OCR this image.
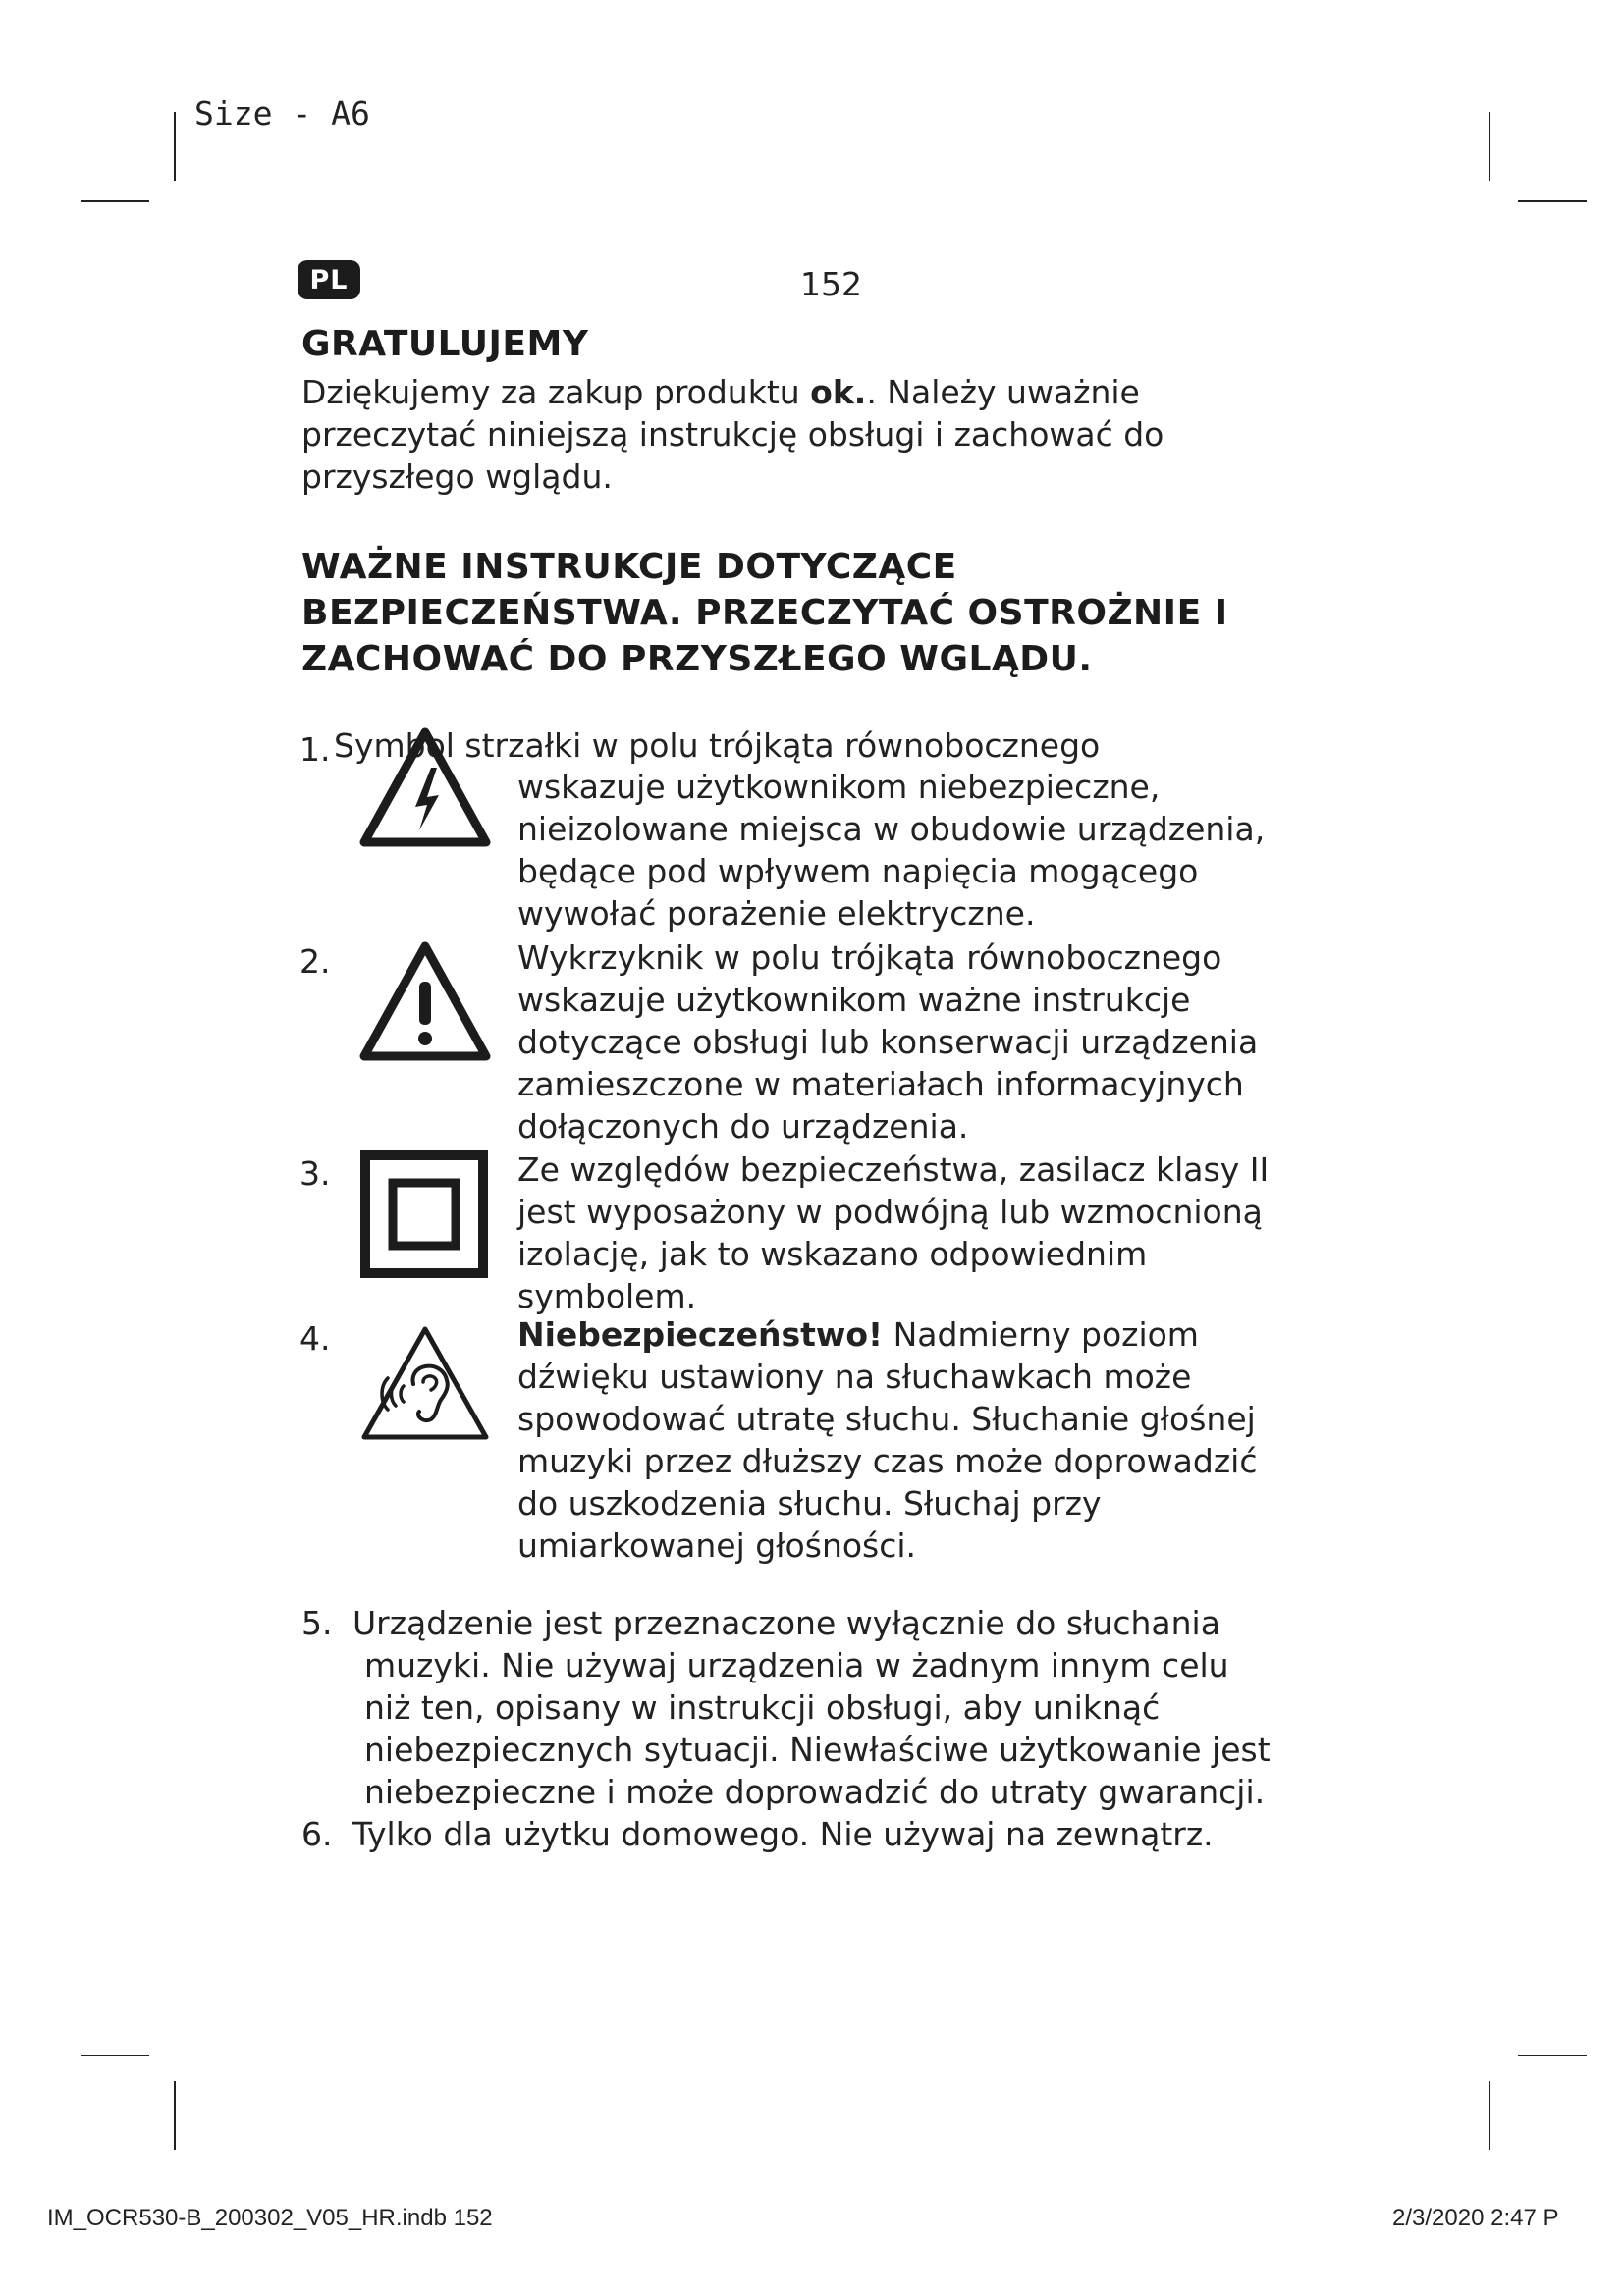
Size - A6
PL	152
GRATULUJEMY

Dziękujemy za zakup produktu ok.. Należy uważnie

przeczytać niniejszą instrukcję obsługi i zachować do

przyszłego wglądu.

WAŻNE INSTRUKCJE DOTYCZĄCE
BEZPIECZEŃSTWA. PRZECZYTAĆ OSTROŻNIE I
ZACHOWAĆ DO PRZYSZŁEGO WGLĄDU.
1. Symbol strzałki w polu trójkąta równobocznego
wskazuje użytkownikom niebezpieczne,
nieizolowane miejsca w obudowie urządzenia,
będące pod wpływem napięcia mogącego
wywołać porażenie elektryczne.
2.	Wykrzyknik w polu trójkąta równobocznego
wskazuje użytkownikom ważne instrukcje
dotyczące obsługi lub konserwacji urządzenia
zamieszczone w materiałach informacyjnych
dołączonych do urządzenia.
3.	Ze względów bezpieczeństwa, zasilacz klasy II
jest wyposażony w podwójną lub wzmocnioną
izolację, jak to wskazano odpowiednim
symbolem.
4.	Niebezpieczeństwo! Nadmierny poziom
dźwięku ustawiony na słuchawkach może
spowodować utratę słuchu. Słuchanie głośnej
muzyki przez dłuższy czas może doprowadzić
do uszkodzenia słuchu. Słuchaj przy
umiarkowanej głośności.
5. Urządzenie jest przeznaczone wyłącznie do słuchania
muzyki. Nie używaj urządzenia w żadnym innym celu
niż ten, opisany w instrukcji obsługi, aby uniknąć
niebezpiecznych sytuacji. Niewłaściwe użytkowanie jest
niebezpieczne i może doprowadzić do utraty gwarancji.
6. Tylko dla użytku domowego. Nie używaj na zewnątrz.
IM_OCR530-B_200302_V05_HR.indb 152	2/3/2020 2:47 P
